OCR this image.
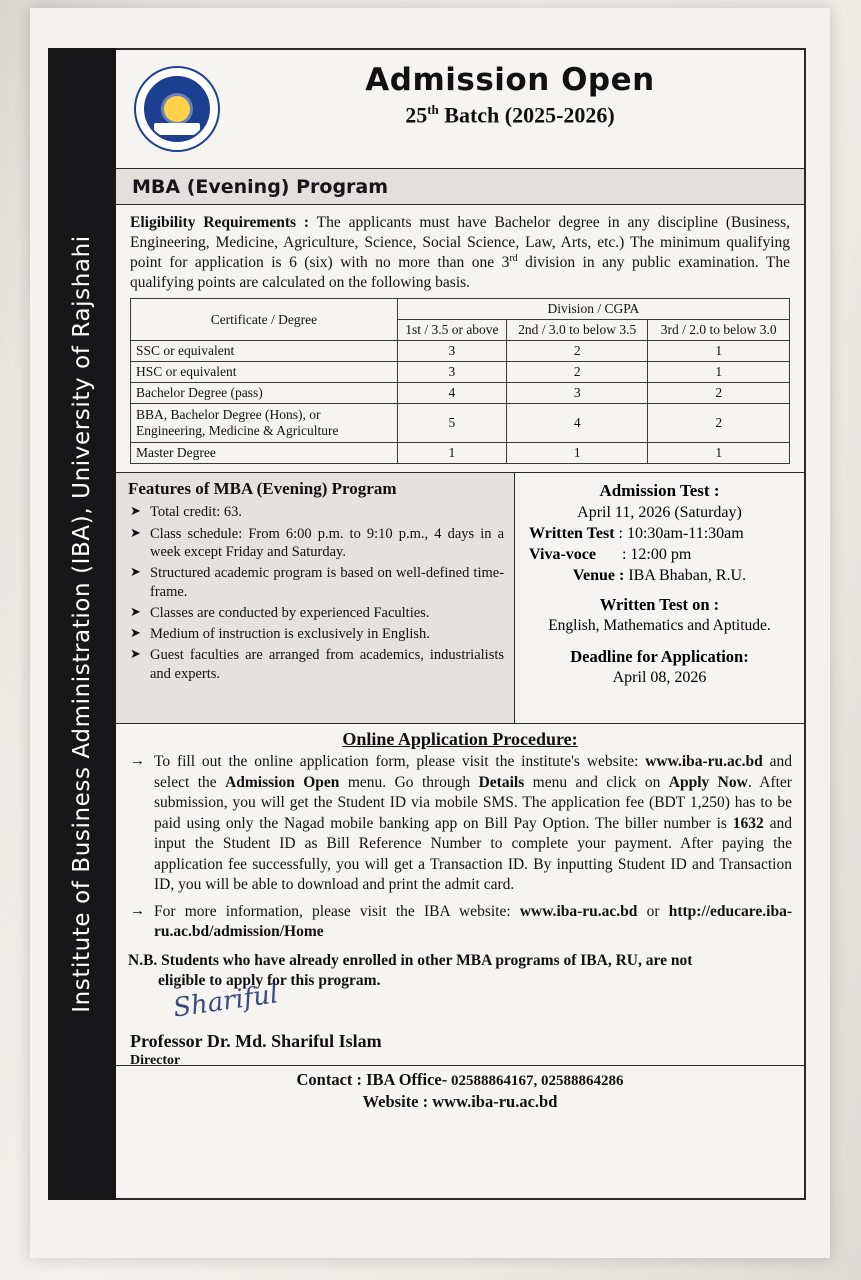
Institute of Business Administration (IBA), University of Rajshahi
Admission Open
25th Batch (2025-2026)
MBA (Evening) Program
Eligibility Requirements : The applicants must have Bachelor degree in any discipline (Business, Engineering, Medicine, Agriculture, Science, Social Science, Law, Arts, etc.) The minimum qualifying point for application is 6 (six) with no more than one 3rd division in any public examination. The qualifying points are calculated on the following basis.
Certificate / Degree	Division / CGPA		
	1st / 3.5 or above	2nd / 3.0 to below 3.5	3rd / 2.0 to below 3.0
SSC or equivalent	3	2	1
HSC or equivalent	3	2	1
Bachelor Degree (pass)	4	3	2
BBA, Bachelor Degree (Hons), or Engineering, Medicine & Agriculture	5	4	2
Master Degree	1	1	1
Features of MBA (Evening) Program
➤ Total credit: 63.
➤ Class schedule: From 6:00 p.m. to 9:10 p.m., 4 days in a week except Friday and Saturday.
➤ Structured academic program is based on well-defined time-frame.
➤ Classes are conducted by experienced Faculties.
➤ Medium of instruction is exclusively in English.
➤ Guest faculties are arranged from academics, industrialists and experts.
Admission Test :
April 11, 2026 (Saturday)
Written Test : 10:30am-11:30am
Viva-voce : 12:00 pm
Venue : IBA Bhaban, R.U.
Written Test on :
English, Mathematics and Aptitude.
Deadline for Application:
April 08, 2026
Online Application Procedure:
→ To fill out the online application form, please visit the institute's website: www.iba-ru.ac.bd and select the Admission Open menu. Go through Details menu and click on Apply Now. After submission, you will get the Student ID via mobile SMS. The application fee (BDT 1,250) has to be paid using only the Nagad mobile banking app on Bill Pay Option. The biller number is 1632 and input the Student ID as Bill Reference Number to complete your payment. After paying the application fee successfully, you will get a Transaction ID. By inputting Student ID and Transaction ID, you will be able to download and print the admit card.
→ For more information, please visit the IBA website: www.iba-ru.ac.bd or http://educare.iba-ru.ac.bd/admission/Home
N.B. Students who have already enrolled in other MBA programs of IBA, RU, are not
eligible to apply for this program.
Shariful
Professor Dr. Md. Shariful Islam
Director
Contact : IBA Office- 02588864167, 02588864286
Website : www.iba-ru.ac.bd
